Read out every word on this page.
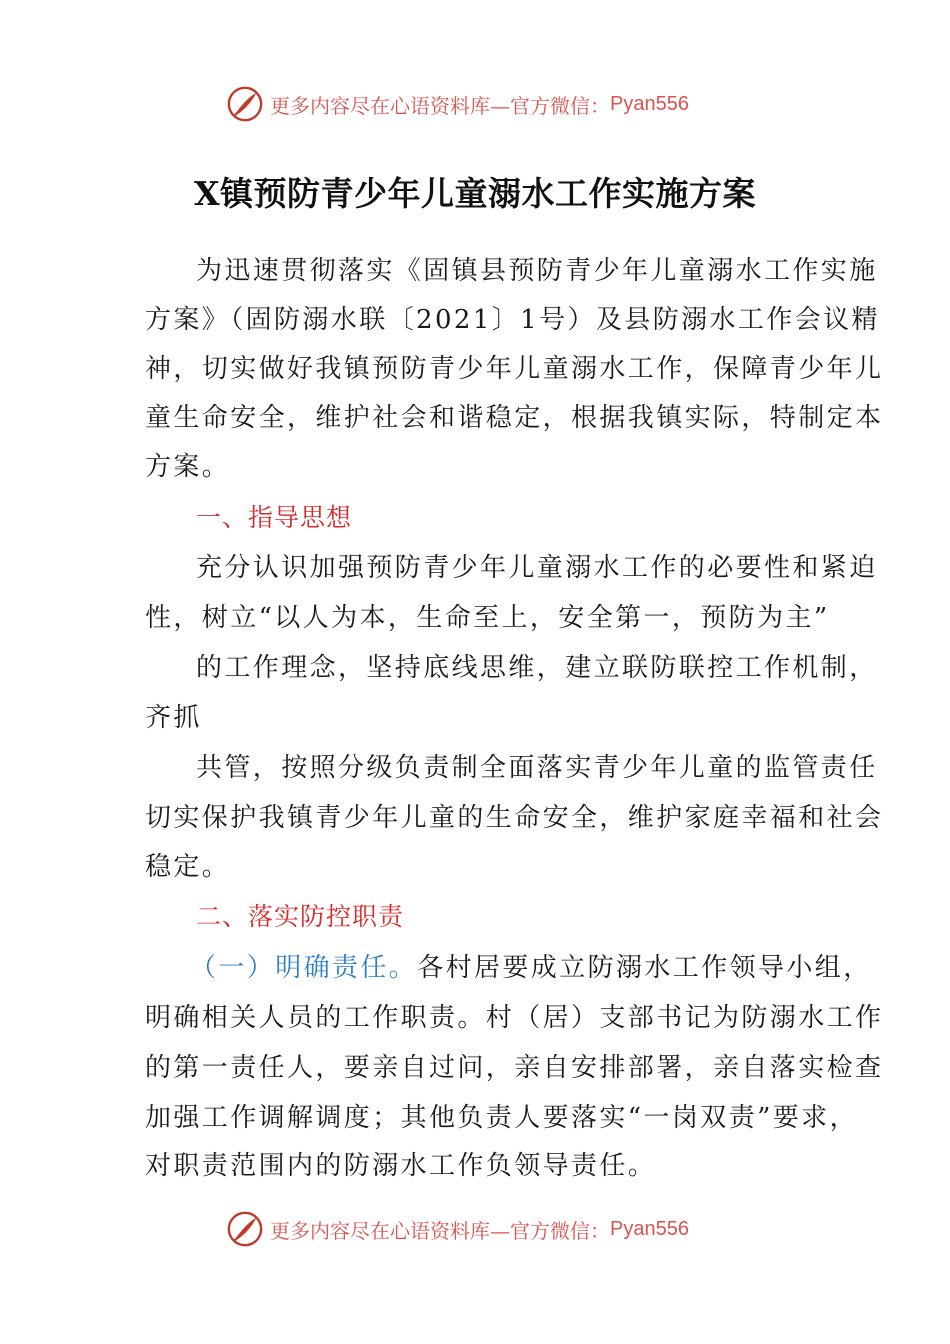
更多内容尽在心语资料库—官方微信： Pyan556
X镇预防青少年儿童溺水工作实施方案
为迅速贯彻落实《固镇县预防青少年儿童溺水工作实施
方案》（固防溺水联〔2021〕1号）及县防溺水工作会议精
神，切实做好我镇预防青少年儿童溺水工作，保障青少年儿
童生命安全，维护社会和谐稳定，根据我镇实际，特制定本
方案。
一、指导思想
充分认识加强预防青少年儿童溺水工作的必要性和紧迫
性，树立“以人为本，生命至上，安全第一，预防为主”
的工作理念，坚持底线思维，建立联防联控工作机制，
齐抓
共管，按照分级负责制全面落实青少年儿童的监管责任
切实保护我镇青少年儿童的生命安全，维护家庭幸福和社会
稳定。
二、落实防控职责
（一）明确责任。各村居要成立防溺水工作领导小组，
明确相关人员的工作职责。村（居）支部书记为防溺水工作
的第一责任人，要亲自过问，亲自安排部署，亲自落实检查
加强工作调解调度；其他负责人要落实“一岗双责”要求，
对职责范围内的防溺水工作负领导责任。
更多内容尽在心语资料库—官方微信： Pyan556
